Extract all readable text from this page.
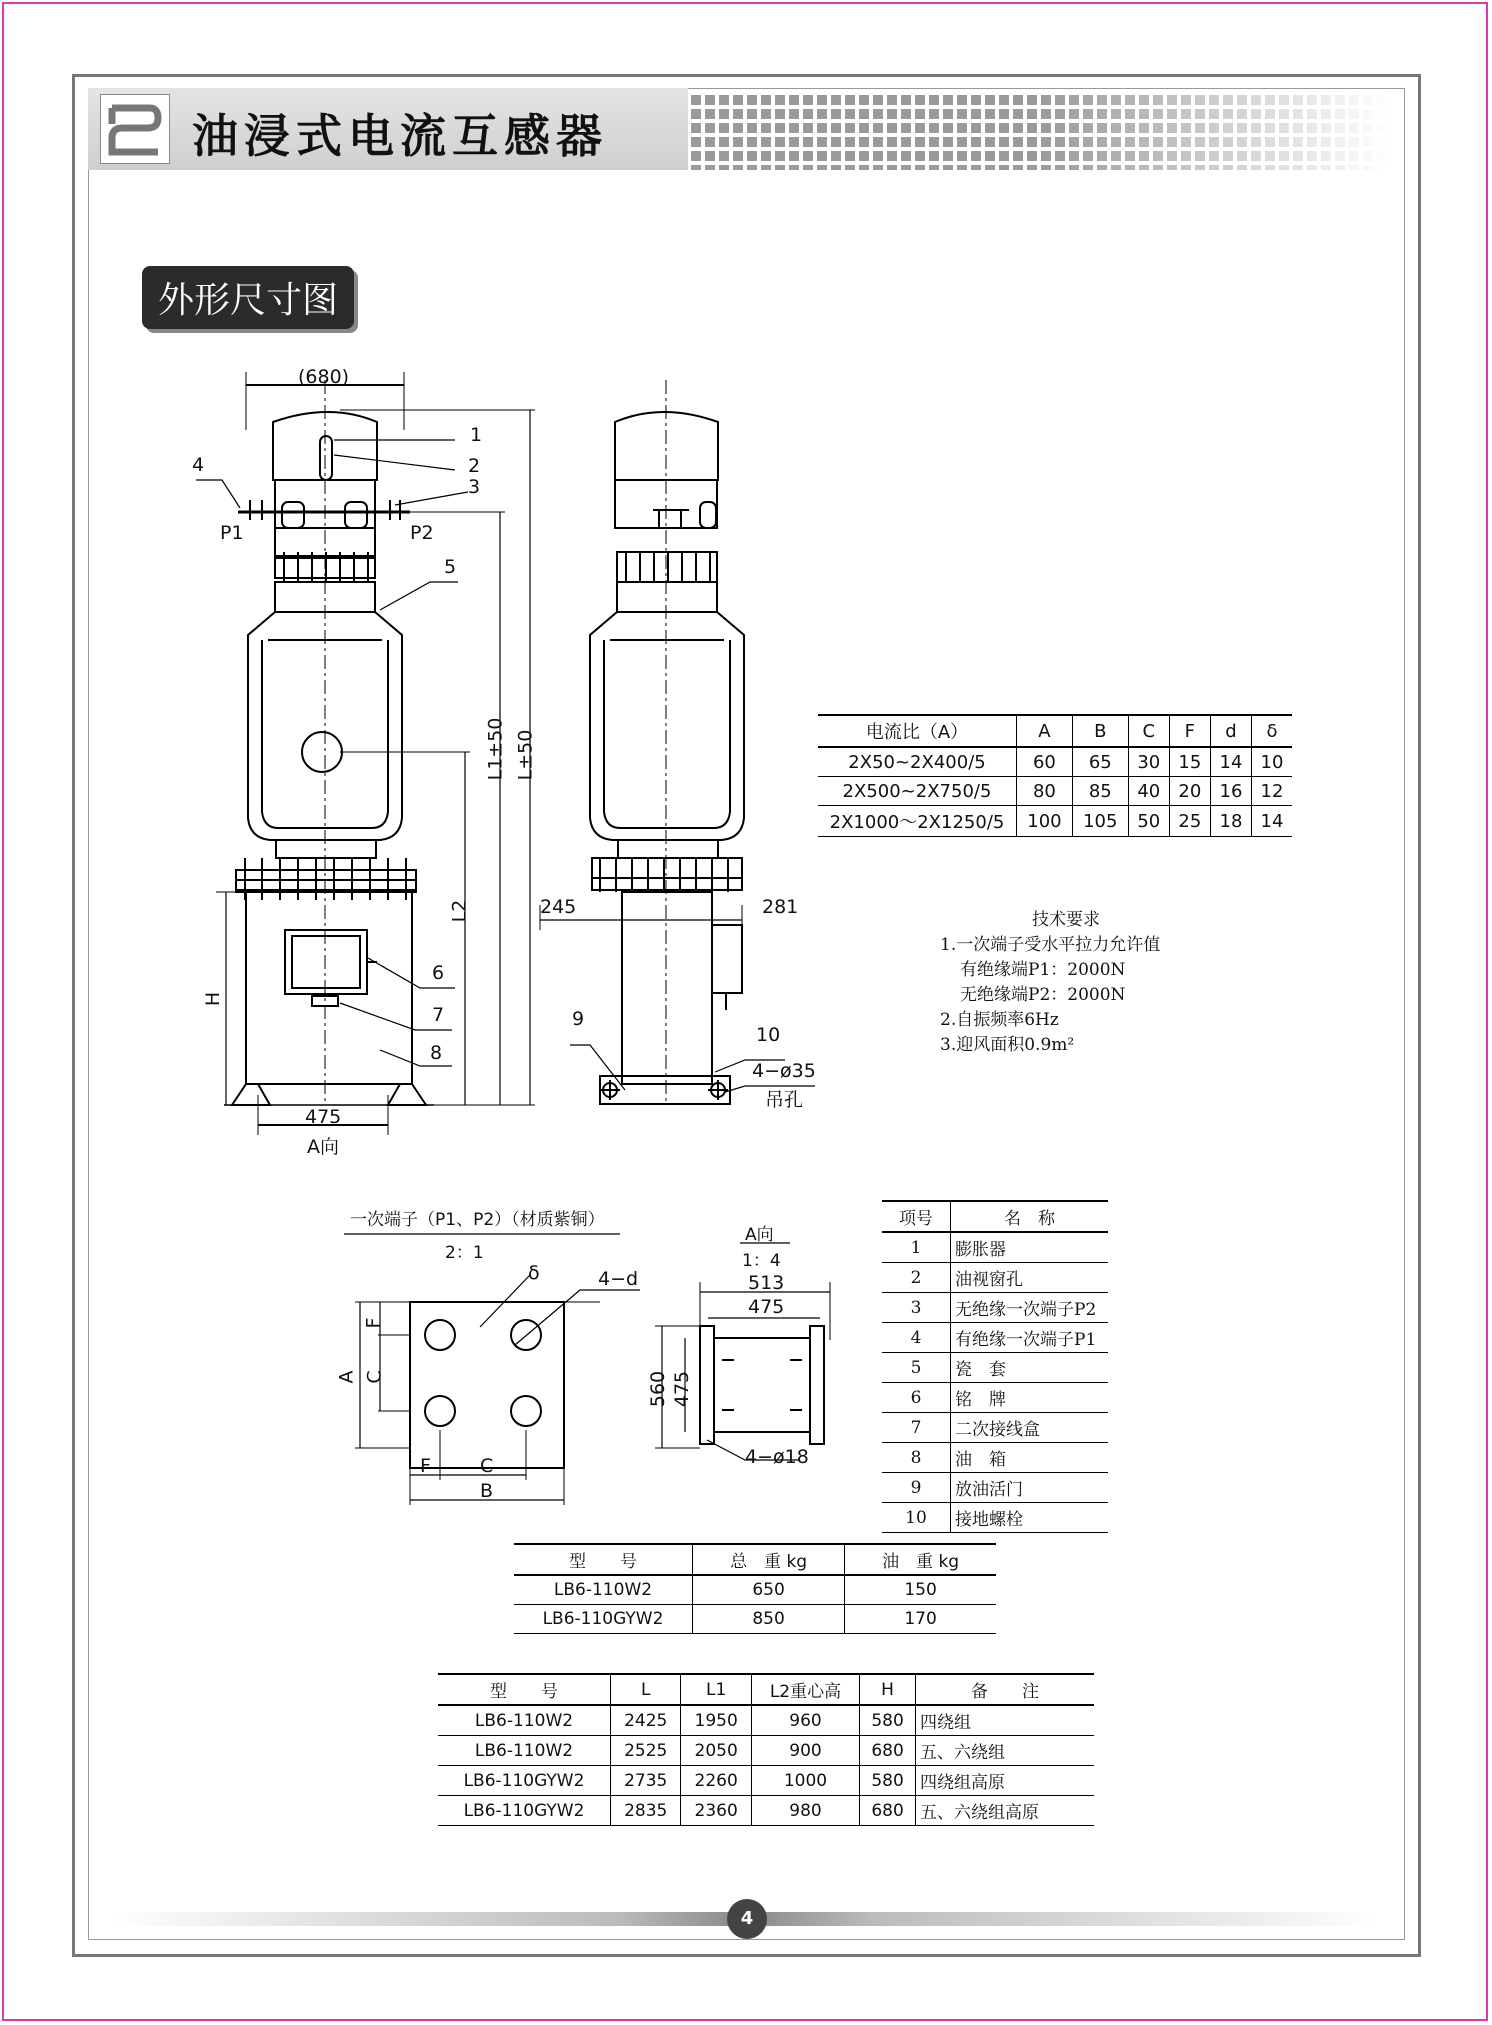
油浸式电流互感器
外形尺寸图
(680)
P1	P2
1
2
3
4
5
6
7
8
9
10
245	281
475
A向
4−ø35
吊孔
H
L2
L1±50 L±50
一次端子（P1、P2）（材质紫铜）
2：1
δ	4−d
A
F
C
F	C
B
A向
1：4
513
475
560 475
4−ø18
电流比（A）	A	B	C	F	d	δ
2X50~2X400/5	60	65	30	15	14	10
2X500~2X750/5	80	85	40	20	16	12
2X1000～2X1250/5	100	105	50	25	18	14
技术要求
1.一次端子受水平拉力允许值
有绝缘端P1：2000N
无绝缘端P2：2000N
2.自振频率6Hz
3.迎风面积0.9m²
项号	名　称
1	膨胀器
2	油视窗孔
3	无绝缘一次端子P2
4	有绝缘一次端子P1
5	瓷　套
6	铭　牌
7	二次接线盒
8	油　箱
9	放油活门
10	接地螺栓
型　　号	总　重 kg	油　重 kg
LB6-110W2	650	150
LB6-110GYW2	850	170
型　　号	L	L1	L2重心高	H	备　　注
LB6-110W2	2425	1950	960	580	四绕组
LB6-110W2	2525	2050	900	680	五、六绕组
LB6-110GYW2	2735	2260	1000	580	四绕组高原
LB6-110GYW2	2835	2360	980	680	五、六绕组高原
4
